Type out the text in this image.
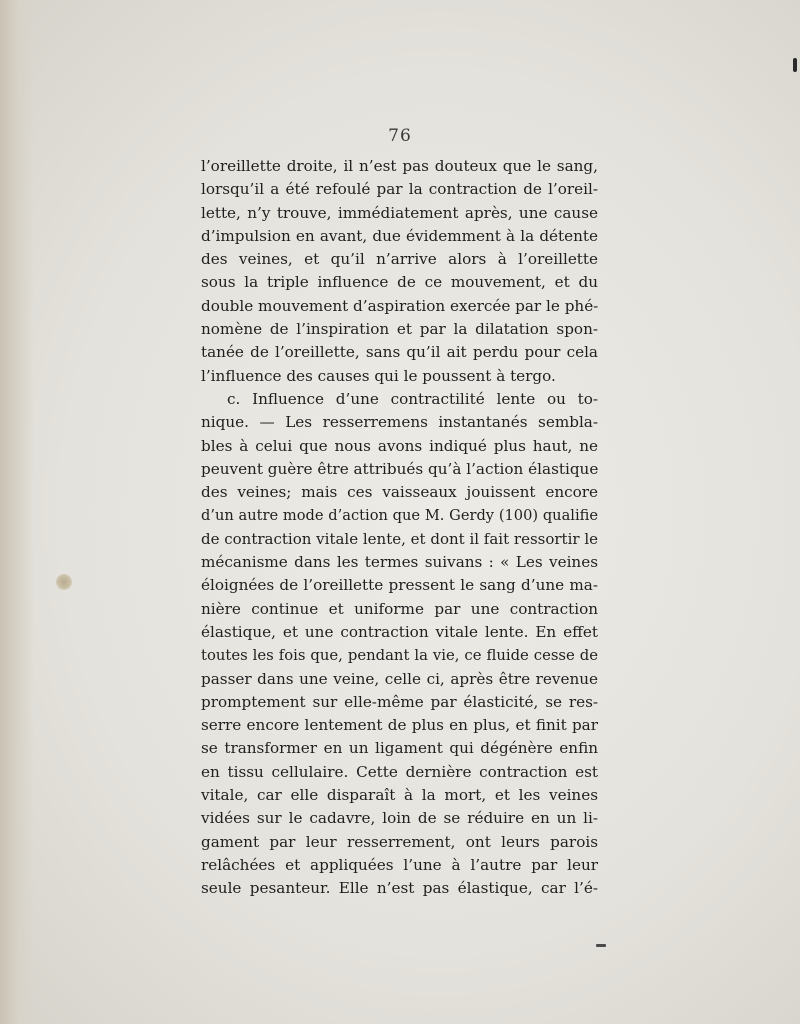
76
l’oreillette droite, il n’est pas douteux que le sang,
lorsqu’il a été refoulé par la contraction de l’oreil-
lette, n’y trouve, immédiatement après, une cause
d’impulsion en avant, due évidemment à la détente
des veines, et qu’il n’arrive alors à l’oreillette
sous la triple influence de ce mouvement, et du
double mouvement d’aspiration exercée par le phé-
nomène de l’inspiration et par la dilatation spon-
tanée de l’oreillette, sans qu’il ait perdu pour cela
l’influence des causes qui le poussent à tergo.
c. Influence d’une contractilité lente ou to-
nique. — Les resserremens instantanés sembla-
bles à celui que nous avons indiqué plus haut, ne
peuvent guère être attribués qu’à l’action élastique
des veines; mais ces vaisseaux jouissent encore
d’un autre mode d’action que M. Gerdy (100) qualifie
de contraction vitale lente, et dont il fait ressortir le
mécanisme dans les termes suivans : « Les veines
éloignées de l’oreillette pressent le sang d’une ma-
nière continue et uniforme par une contraction
élastique, et une contraction vitale lente. En effet
toutes les fois que, pendant la vie, ce fluide cesse de
passer dans une veine, celle ci, après être revenue
promptement sur elle-même par élasticité, se res-
serre encore lentement de plus en plus, et finit par
se transformer en un ligament qui dégénère enfin
en tissu cellulaire. Cette dernière contraction est
vitale, car elle disparaît à la mort, et les veines
vidées sur le cadavre, loin de se réduire en un li-
gament par leur resserrement, ont leurs parois
relâchées et appliquées l’une à l’autre par leur
seule pesanteur. Elle n’est pas élastique, car l’é-
